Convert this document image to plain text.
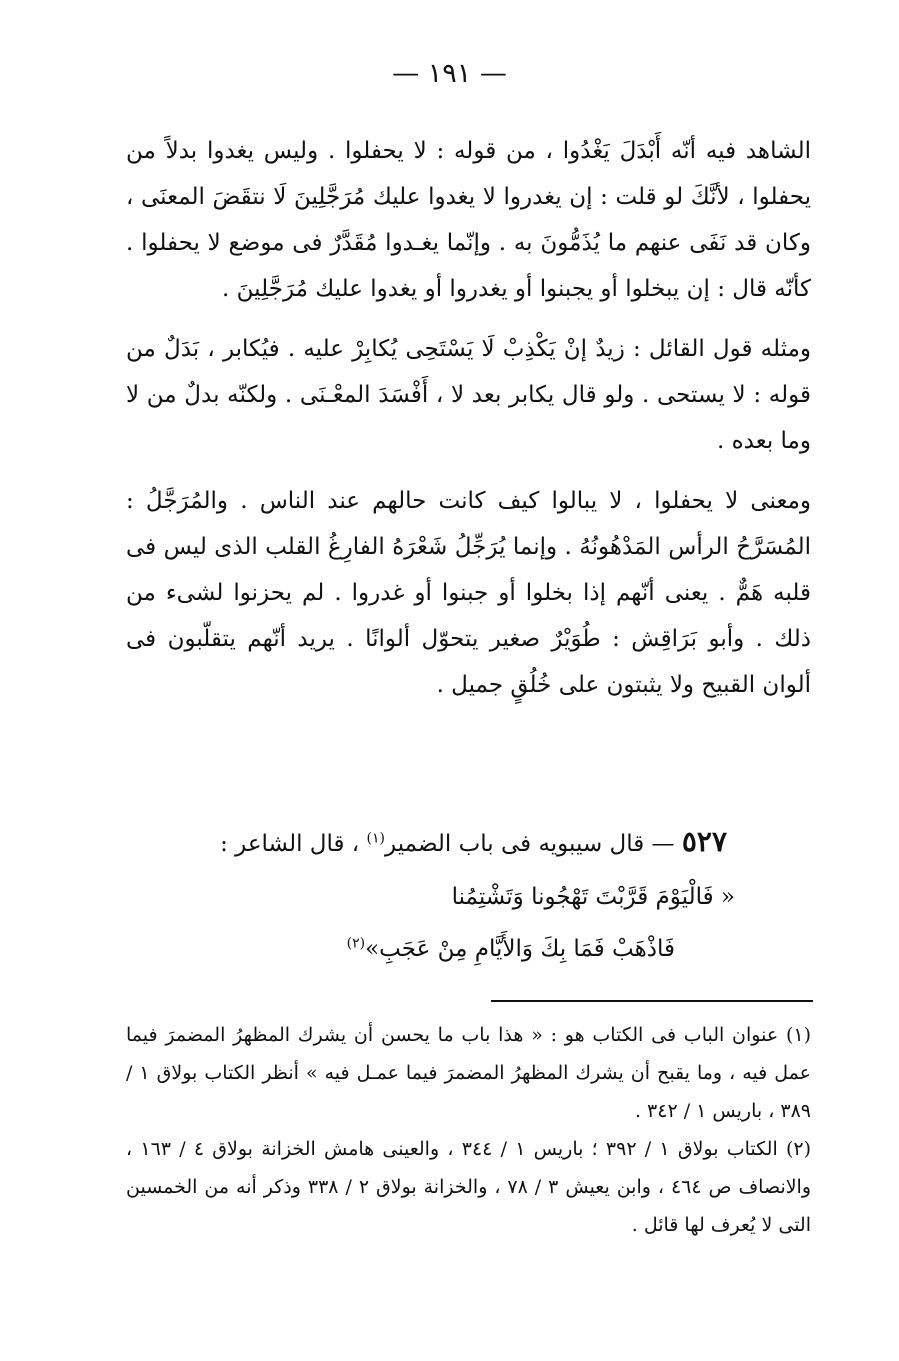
— ١٩١ —

الشاهد فيه أنّه أَبْدَلَ يَغْدُوا ، من قوله : لا يحفلوا . وليس يغدوا بدلاً من يحفلوا ، لأنَّكَ لو قلت : إن يغدروا لا يغدوا عليك مُرَجَّلِينَ لَا نتقَضَ المعنَى ، وكان قد نَفَى عنهم ما يُذَمُّونَ به . وإنّما يغـدوا مُقَدَّرٌ فى موضع لا يحفلوا . كأنّه قال : إن يبخلوا أو يجبنوا أو يغدروا أو يغدوا عليك مُرَجَّلِينَ .

ومثله قول القائل : زيدٌ إنْ يَكْذِبْ لَا يَسْتَحِى يُكابِرْ عليه . فيُكابر ، بَدَلٌ من قوله : لا يستحى . ولو قال يكابر بعد لا ، أَفْسَدَ المعْـنَى . ولكنّه بدلٌ من لا وما بعده .

ومعنى لا يحفلوا ، لا يبالوا كيف كانت حالهم عند الناس . والمُرَجَّلُ : المُسَرَّحُ الرأس المَدْهُونُهُ . وإنما يُرَجِّلُ شَعْرَهُ الفارِغُ القلب الذى ليس فى قلبه هَمٌّ . يعنى أنّهم إذا بخلوا أو جبنوا أو غدروا . لم يحزنوا لشىء من ذلك . وأبو بَرَاقِش : طُوَيْرٌ صغير يتحوّل ألوانًا . يريد أنّهم يتقلّبون فى ألوان القبيح ولا يثبتون على خُلُقٍ جميل .

٥٢٧ — قال سيبويه فى باب الضمير$^{(١)}$ ، قال الشاعر :
« فَالْيَوْمَ قَرَّبْتَ تَهْجُونا وَتَشْتِمُنا
فَاذْهَبْ فَمَا بِكَ وَالأَيَّامِ مِنْ عَجَبِ»$^{(٢)}$

(١) عنوان الباب فى الكتاب هو : « هذا باب ما يحسن أن يشرك المظهرُ المضمرَ فيما عمل فيه ، وما يقبح أن يشرك المظهرُ المضمرَ فيما عمـل فيه » أنظر الكتاب بولاق ١ / ٣٨٩ ، باريس ١ / ٣٤٢ .

(٢) الكتاب بولاق ١ / ٣٩٢ ؛ باريس ١ / ٣٤٤ ، والعينى هامش الخزانة بولاق ٤ / ١٦٣ ، والانصاف ص ٤٦٤ ، وابن يعيش ٣ / ٧٨ ، والخزانة بولاق ٢ / ٣٣٨ وذكر أنه من الخمسين التى لا يُعرف لها قائل .
